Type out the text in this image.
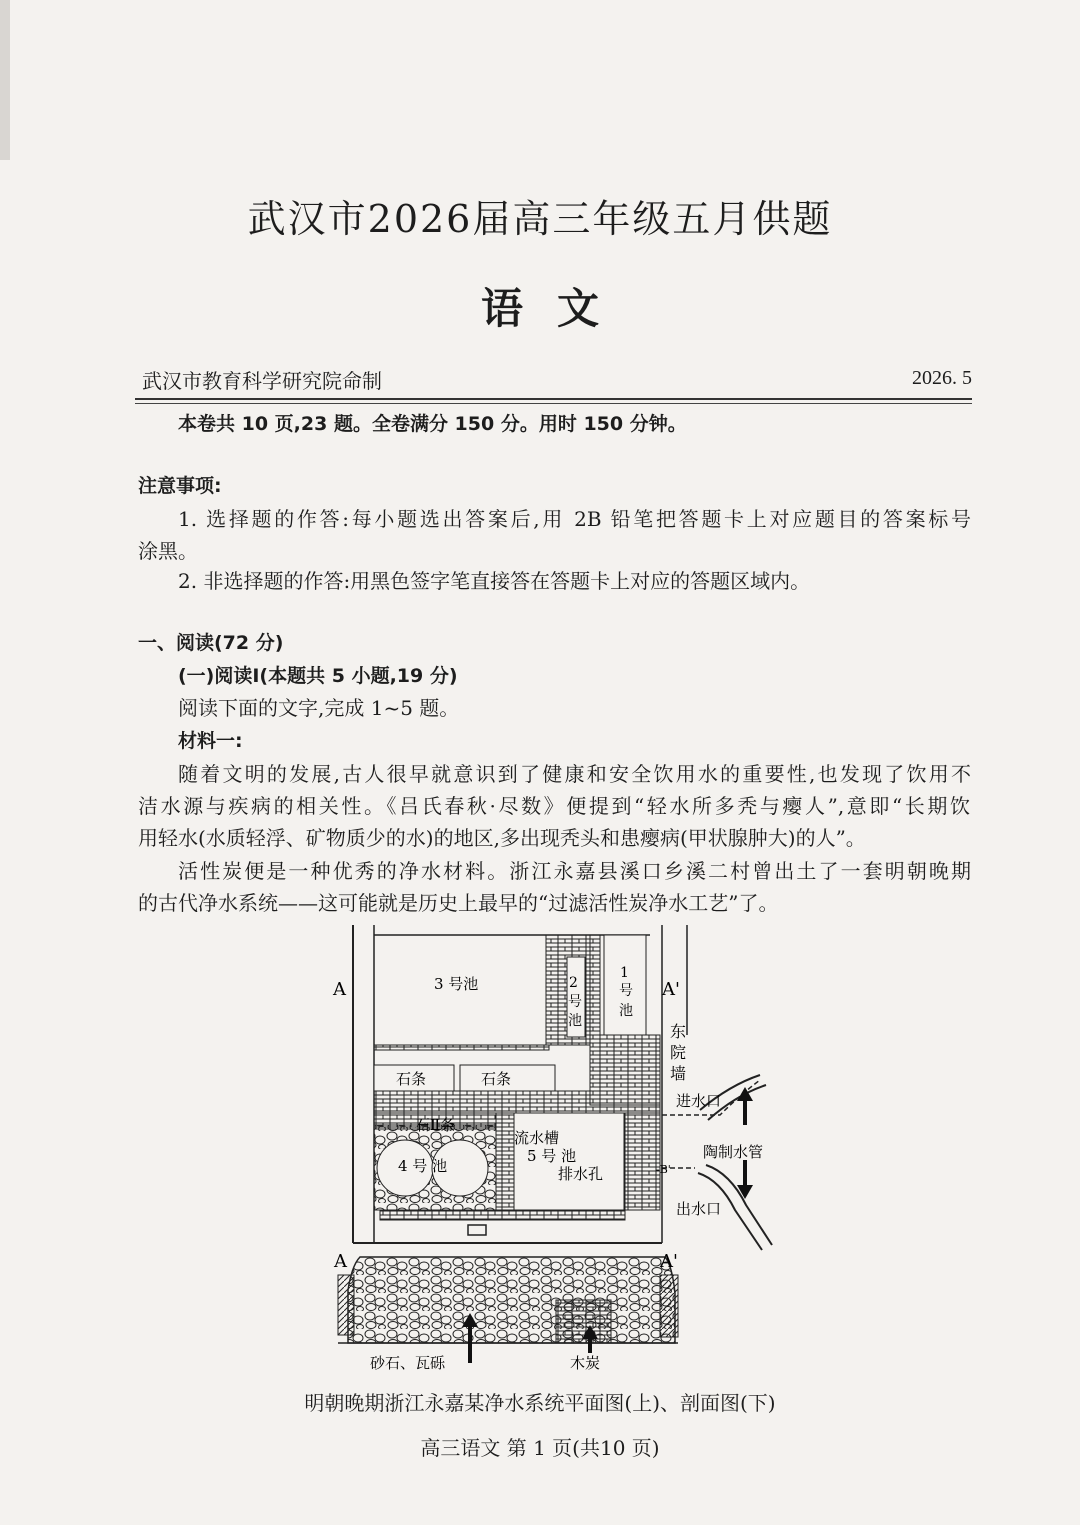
武汉市2026届高三年级五月供题
语文
武汉市教育科学研究院命制	2026. 5
本卷共 10 页,23 题。全卷满分 150 分。用时 150 分钟。
注意事项:
1. 选择题的作答:每小题选出答案后,用 2B 铅笔把答题卡上对应题目的答案标号
涂黑。
2. 非选择题的作答:用黑色签字笔直接答在答题卡上对应的答题区域内。
一、阅读(72 分)
(一)阅读Ⅰ(本题共 5 小题,19 分)
阅读下面的文字,完成 1~5 题。
材料一:
随着文明的发展,古人很早就意识到了健康和安全饮用水的重要性,也发现了饮用不
洁水源与疾病的相关性。《吕氏春秋·尽数》便提到“轻水所多秃与瘿人”,意即“长期饮
用轻水(水质轻浮、矿物质少的水)的地区,多出现秃头和患瘿病(甲状腺肿大)的人”。
活性炭便是一种优秀的净水材料。浙江永嘉县溪口乡溪二村曾出土了一套明朝晚期
的古代净水系统——这可能就是历史上最早的“过滤活性炭净水工艺”了。
A	A'
3 号池
1
号
池
2
号
池
东
院
墙
石条	石条
石Ⅱ条
4 号 池
流水槽
5 号 池
排水孔
进水口
陶制水管
出水口
-B'
A	A'
砂石、瓦砾	木炭
明朝晚期浙江永嘉某净水系统平面图(上)、剖面图(下)
高三语文 第 1 页(共10 页)
